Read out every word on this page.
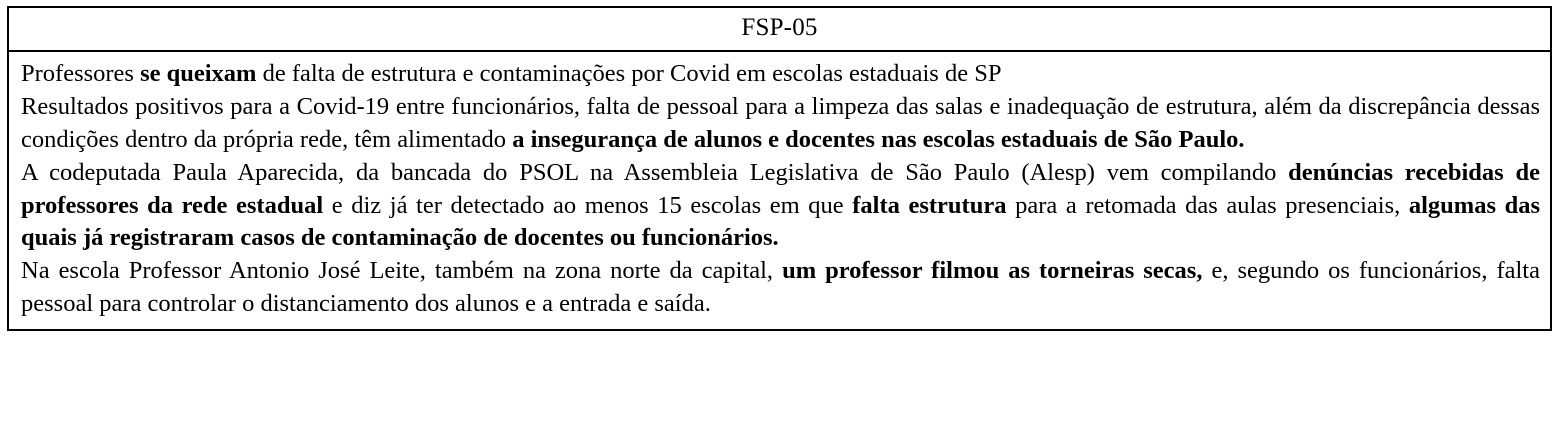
FSP-05

Professores se queixam de falta de estrutura e contaminações por Covid em escolas estaduais de SP

Resultados positivos para a Covid-19 entre funcionários, falta de pessoal para a limpeza das salas e inadequação de estrutura, além da discrepância dessas condições dentro da própria rede, têm alimentado a insegurança de alunos e docentes nas escolas estaduais de São Paulo.

A codeputada Paula Aparecida, da bancada do PSOL na Assembleia Legislativa de São Paulo (Alesp) vem compilando denúncias recebidas de professores da rede estadual e diz já ter detectado ao menos 15 escolas em que falta estrutura para a retomada das aulas presenciais, algumas das quais já registraram casos de contaminação de docentes ou funcionários.

Na escola Professor Antonio José Leite, também na zona norte da capital, um professor filmou as torneiras secas, e, segundo os funcionários, falta pessoal para controlar o distanciamento dos alunos e a entrada e saída.
